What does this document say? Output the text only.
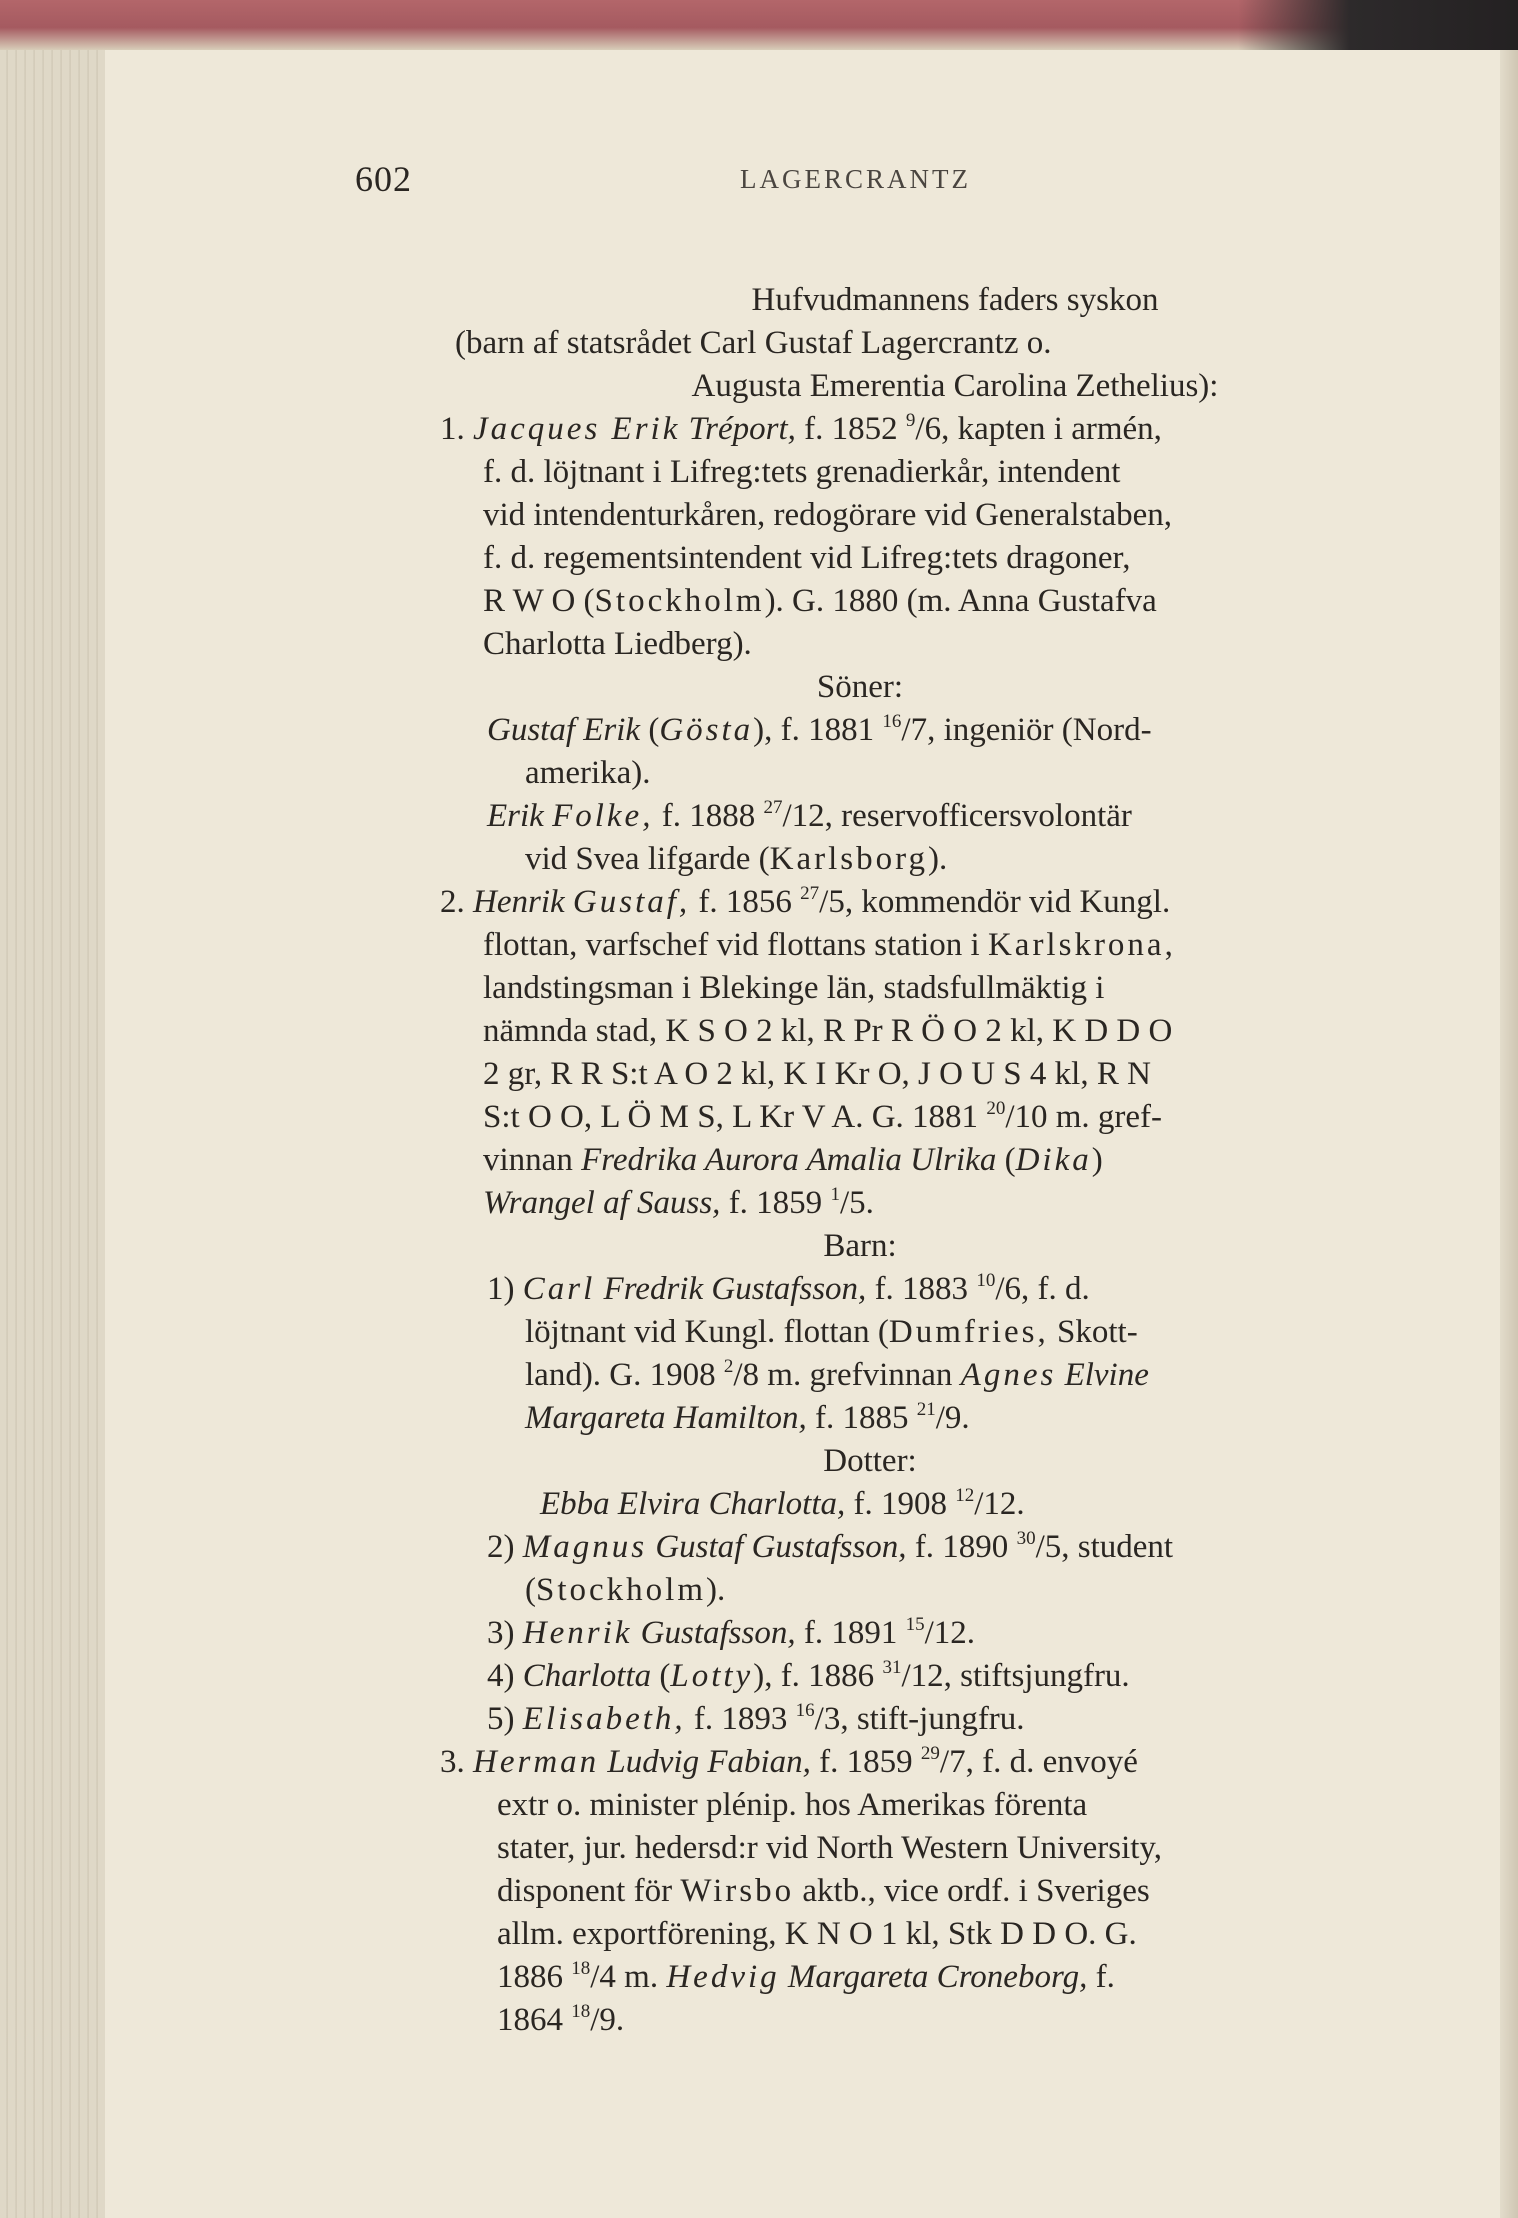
602	LAGERCRANTZ
Hufvudmannens faders syskon
(barn af statsrådet Carl Gustaf Lagercrantz o.
Augusta Emerentia Carolina Zethelius):
1. Jacques Erik Tréport, f. 1852 $^9$/6, kapten i armén,
f. d. löjtnant i Lifreg:tets grenadierkår, intendent
vid intendenturkåren, redogörare vid Generalstaben,
f. d. regementsintendent vid Lifreg:tets dragoner,
R W O (Stockholm). G. 1880 (m. Anna Gustafva
Charlotta Liedberg).
Söner:
Gustaf Erik (Gösta), f. 1881 $^{16}$/7, ingeniör (Nord-
amerika).
Erik Folke, f. 1888 $^{27}$/12, reservofficersvolontär
vid Svea lifgarde (Karlsborg).
2. Henrik Gustaf, f. 1856 $^{27}$/5, kommendör vid Kungl.
flottan, varfschef vid flottans station i Karlskrona,
landstingsman i Blekinge län, stadsfullmäktig i
nämnda stad, K S O 2 kl, R Pr R Ö O 2 kl, K D D O
2 gr, R R S:t A O 2 kl, K I Kr O, J O U S 4 kl, R N
S:t O O, L Ö M S, L Kr V A. G. 1881 $^{20}$/10 m. gref-
vinnan Fredrika Aurora Amalia Ulrika (Dika)
Wrangel af Sauss, f. 1859 $^1$/5.
Barn:
1) Carl Fredrik Gustafsson, f. 1883 $^{10}$/6, f. d.
löjtnant vid Kungl. flottan (Dumfries, Skott-
land). G. 1908 $^2$/8 m. grefvinnan Agnes Elvine
Margareta Hamilton, f. 1885 $^{21}$/9.
Dotter:
Ebba Elvira Charlotta, f. 1908 $^{12}$/12.
2) Magnus Gustaf Gustafsson, f. 1890 $^{30}$/5, student
(Stockholm).
3) Henrik Gustafsson, f. 1891 $^{15}$/12.
4) Charlotta (Lotty), f. 1886 $^{31}$/12, stiftsjungfru.
5) Elisabeth, f. 1893 $^{16}$/3, stift-jungfru.
3. Herman Ludvig Fabian, f. 1859 $^{29}$/7, f. d. envoyé
extr o. minister plénip. hos Amerikas förenta
stater, jur. hedersd:r vid North Western University,
disponent för Wirsbo aktb., vice ordf. i Sveriges
allm. exportförening, K N O 1 kl, Stk D D O. G.
1886 $^{18}$/4 m. Hedvig Margareta Croneborg, f.
1864 $^{18}$/9.
